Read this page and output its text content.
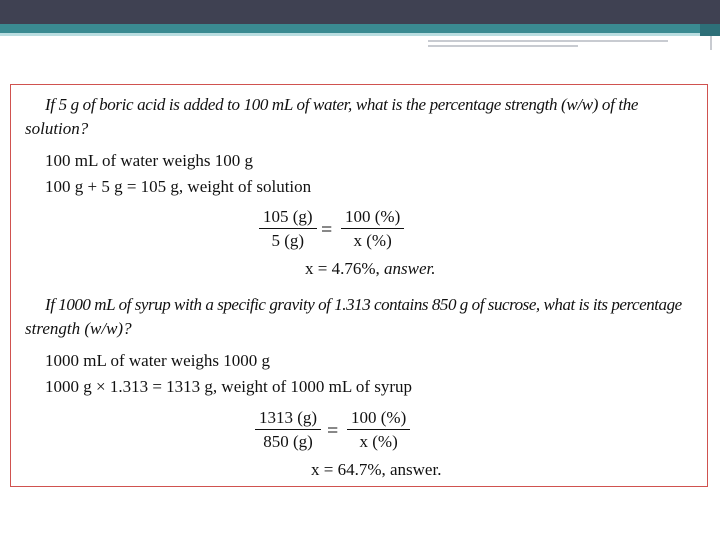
If 5 g of boric acid is added to 100 mL of water, what is the percentage strength (w/w) of the
solution?
100 mL of water weighs 100 g
100 g + 5 g = 105 g, weight of solution
105 (g)
5 (g) =
100 (%)
x (%)
x = 4.76%, answer.
If 1000 mL of syrup with a specific gravity of 1.313 contains 850 g of sucrose, what is its percentage
strength (w/w)?
1000 mL of water weighs 1000 g
1000 g × 1.313 = 1313 g, weight of 1000 mL of syrup
1313 (g)
850 (g) =
100 (%)
x (%)
x = 64.7%, answer.
